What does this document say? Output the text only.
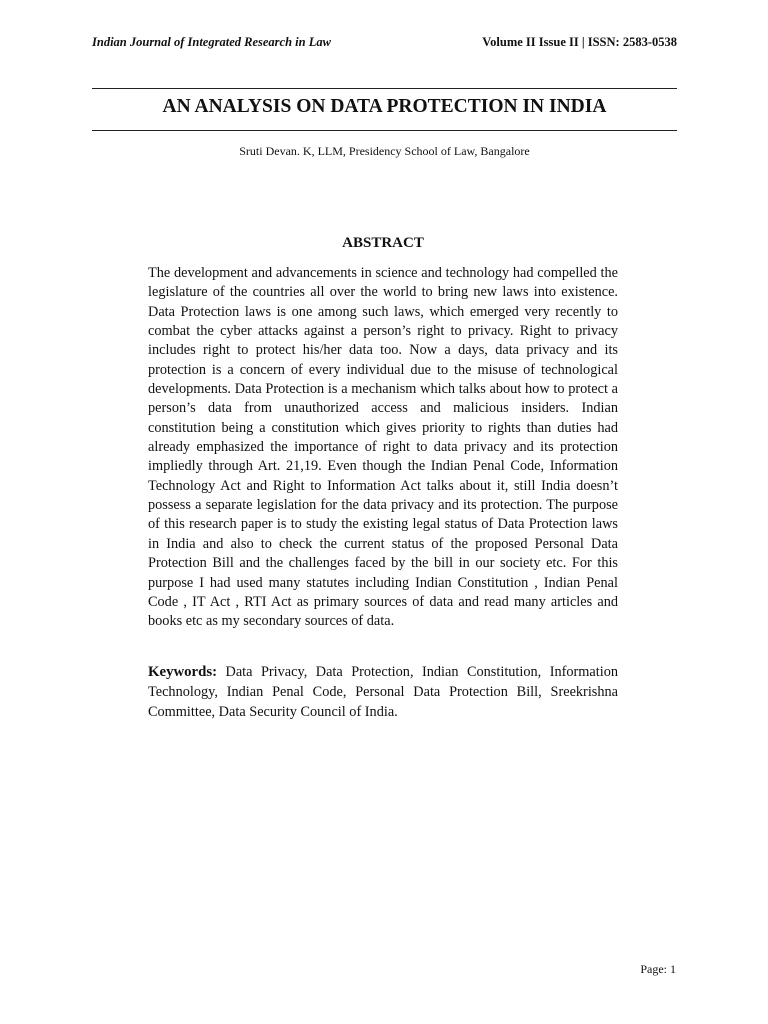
Indian Journal of Integrated Research in Law	Volume II Issue II | ISSN: 2583-0538
AN ANALYSIS ON DATA PROTECTION IN INDIA
Sruti Devan. K, LLM, Presidency School of Law, Bangalore
ABSTRACT

The development and advancements in science and technology had compelled the legislature of the countries all over the world to bring new laws into existence. Data Protection laws is one among such laws, which emerged very recently to combat the cyber attacks against a person’s right to privacy. Right to privacy includes right to protect his/her data too. Now a days, data privacy and its protection is a concern of every individual due to the misuse of technological developments. Data Protection is a mechanism which talks about how to protect a person’s data from unauthorized access and malicious insiders. Indian constitution being a constitution which gives priority to rights than duties had already emphasized the importance of right to data privacy and its protection impliedly through Art. 21,19. Even though the Indian Penal Code, Information Technology Act and Right to Information Act talks about it, still India doesn’t possess a separate legislation for the data privacy and its protection. The purpose of this research paper is to study the existing legal status of Data Protection laws in India and also to check the current status of the proposed Personal Data Protection Bill and the challenges faced by the bill in our society etc. For this purpose I had used many statutes including Indian Constitution , Indian Penal Code , IT Act , RTI Act as primary sources of data and read many articles and books etc as my secondary sources of data.

Keywords: Data Privacy, Data Protection, Indian Constitution, Information Technology, Indian Penal Code, Personal Data Protection Bill, Sreekrishna Committee, Data Security Council of India.

Page: 1
